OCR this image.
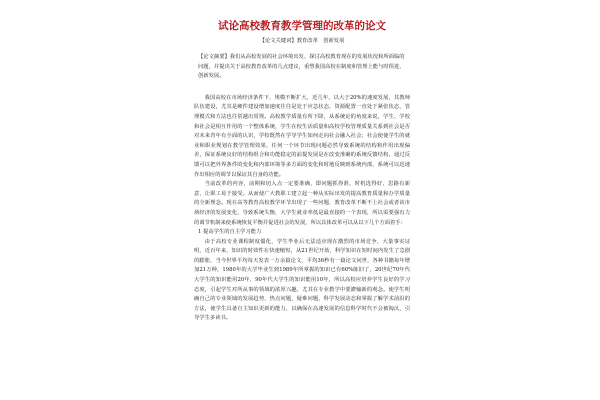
试论高校教育教学管理的改革的论文
【论文关键词】教育改革　创新发展
【论文摘要】我们从高校发展的社会环境出发，探讨高校教育现在的发展状况和所面临的问题，并提出关于高校教育改革的几点建议，重塑我国高校在制度和管理上能与时俱进，创新发展。

我国高校在市场经济条件下，规模不断扩大，近几年，以大于20%的速度发展，其教师队伍建设，尤其是硬件建设增加速度往往是处于应急状态，资源配置一直处于紧张状态，管理模式和方法也往常越出常规。高校教学质量有所下降，从系统论的角度来说，学生、学校和社会是相互作用的一个整体系统，学生在校生活质量和高校学校管理质量关系到社会是否对未来青年有全面的认识，学校既然在学导学生如何走向社会融入社会；社会使使学生的就业和职业规划在教学管理效果，任何一个环节出现问题必然导致系统的结构和作用出现偏差，保证系统良好的结构组合和功能稳定的前提发展是在改变准确的系统反馈结构，通过反馈可以把外界条件的变化和内部环境等多方面的变化和时地反映到系统内部，系统可以迅速作出相应的调节以保证其自身的功能。

当前改革的内容，前期和切入点一定要准确，即问题抓得准，时机选得好，思路有新意，让职工易于接受。从而使广大教职工建立起一种从实际出发的提高教育质量和办学质量的全新理念。现在高等教育高校教学环节出现了一些问题，教育改革不断不上社会或者该市场经济的发展变化，导致系统失衡，大学生就业率低是最直接的一个表现，所以需要强有力的调节机制来使系统恢复平衡并促进社会的发展，所以具体改革可以从以下几个方面着手：

1 提高学生的自主学习能力

由于高校专业课程制度僵化，学生毕业后无法适应现在激烈的市场竞争，大量事实证明，近百年来，知识的时效性在快速缩短，从21世纪开始，科学知识在短时间内发生了急剧的膨胀，当今世界平均每天发表一万余篇论文，平均36秒有一篇论文问世，各种书籍每年增加21万种，1980年的大学毕业生到1989年所掌握的知识已有60%陈旧了，20世纪70年代大学生的知识能用20年，90年代大学生的知识能用10年，所以高校应培养学生良好的学习态度，引起学生对所从事的领域的浓厚兴趣，尤其在专业教学中要灌输新的观念。使学生明确自己的专业领域的发展趋势，热点问题，疑难问题，科学发展动态和掌握了解学术前沿的方法，使学生具备自主知识更新的能力，以确保在高速发展的信息科学时代不会被淘汰，引导学生多读书。
